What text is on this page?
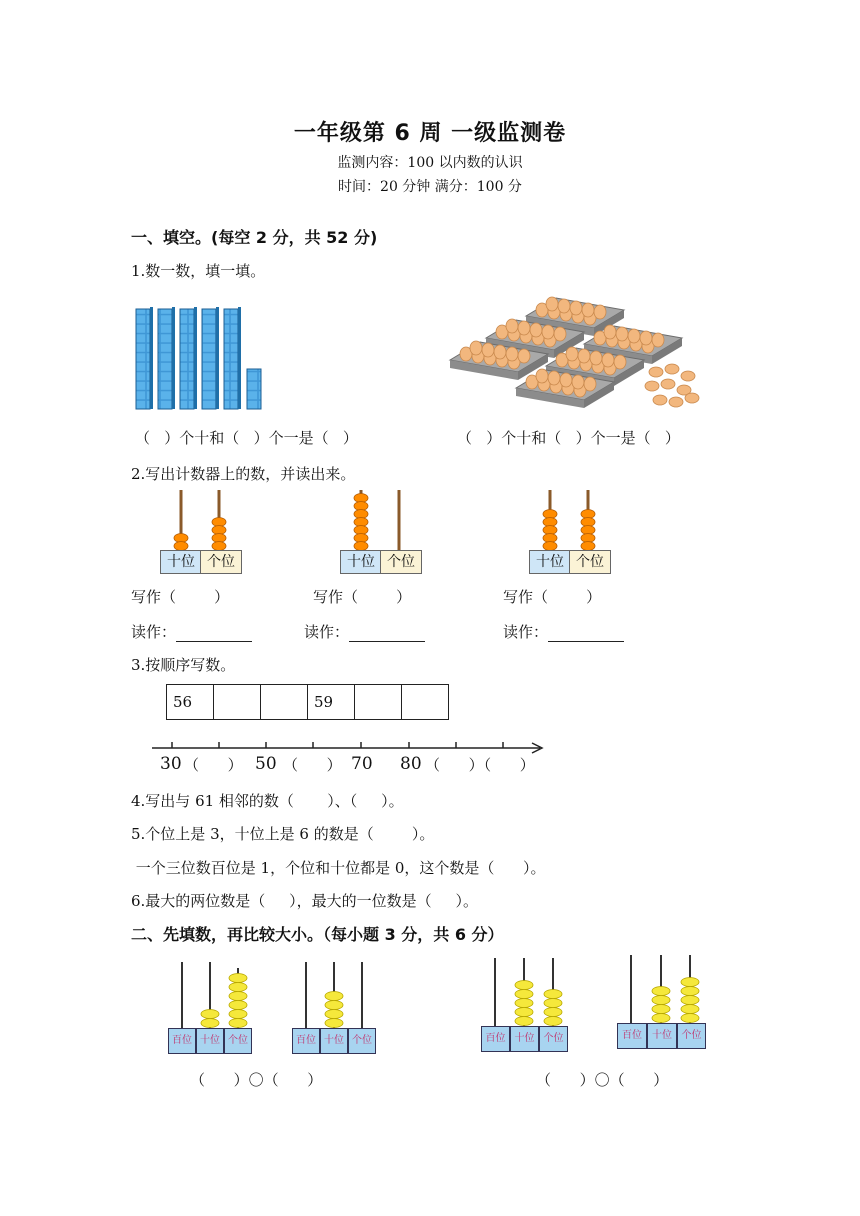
一年级第 6 周 一级监测卷
监测内容：100 以内数的认识
时间：20 分钟 满分：100 分
一、填空。(每空 2 分，共 52 分)
1.数一数，填一填。
（   ）个十和（   ）个一是（   ）	（   ）个十和（   ）个一是（   ）
2.写出计数器上的数，并读出来。
十位 个位	十位 个位	十位 个位
写作（        ）	写作（        ）	写作（        ）
读作：	读作：	读作：
3.按顺序写数。
56			59		
30 （      ） 50 （      ） 70 80 （      ）（      ）
4.写出与 61 相邻的数（       ）、（     ）。
5.个位上是 3，十位上是 6 的数是（        ）。
一个三位数百位是 1，个位和十位都是 0，这个数是（      ）。
6.最大的两位数是（     ），最大的一位数是（     ）。
二、先填数，再比较大小。（每小题 3 分，共 6 分）
百位 十位 个位	百位 十位 个位	百位 十位 个位	百位	十位 个位
（      ）〇（      ）	（      ）〇（      ）
